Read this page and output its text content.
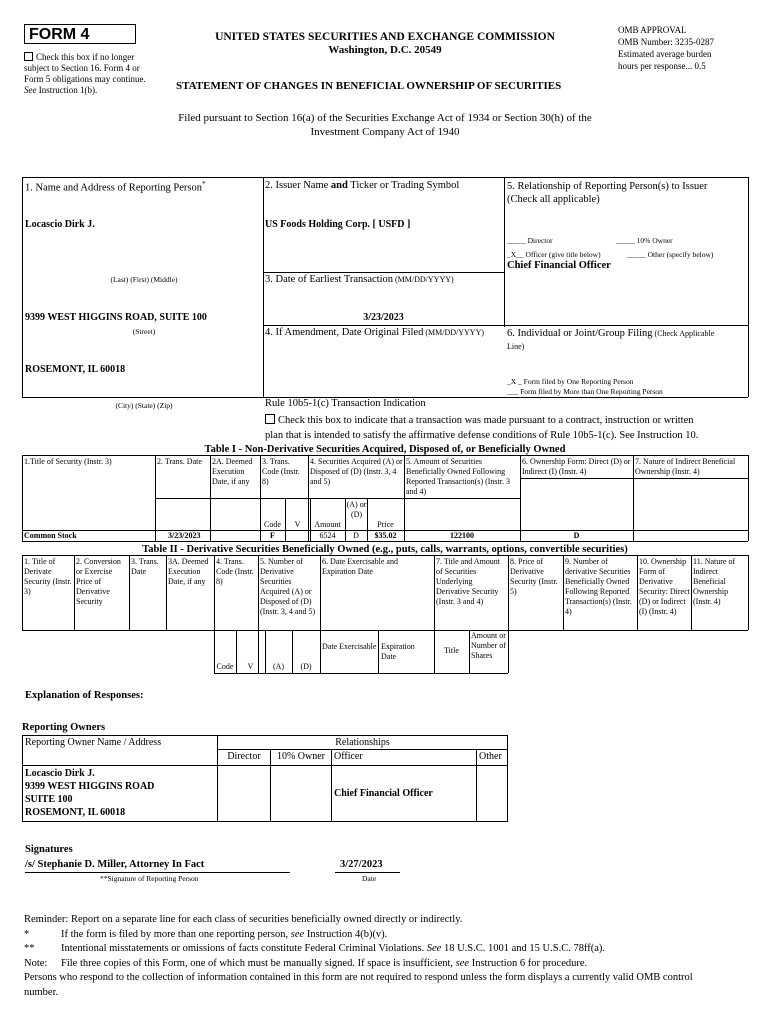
FORM 4
Check this box if no longer subject to Section 16. Form 4 or Form 5 obligations may continue. See Instruction 1(b).
UNITED STATES SECURITIES AND EXCHANGE COMMISSION
Washington, D.C. 20549
STATEMENT OF CHANGES IN BENEFICIAL OWNERSHIP OF SECURITIES
OMB APPROVAL
OMB Number: 3235-0287
Estimated average burden
hours per response... 0.5
Filed pursuant to Section 16(a) of the Securities Exchange Act of 1934 or Section 30(h) of the
Investment Company Act of 1940
1. Name and Address of Reporting Person*
Locascio Dirk J.
(Last) (First) (Middle)
9399 WEST HIGGINS ROAD, SUITE 100
(Street)
ROSEMONT, IL 60018
(City) (State) (Zip)
2. Issuer Name and Ticker or Trading Symbol
US Foods Holding Corp. [ USFD ]
3. Date of Earliest Transaction (MM/DD/YYYY)
3/23/2023
4. If Amendment, Date Original Filed (MM/DD/YYYY)
5. Relationship of Reporting Person(s) to Issuer
(Check all applicable)
_____ Director	_____ 10% Owner
_X__ Officer (give title below)	_____ Other (specify below)
Chief Financial Officer
6. Individual or Joint/Group Filing (Check Applicable
Line)
_X _ Form filed by One Reporting Person
___ Form filed by More than One Reporting Person
Rule 10b5-1(c) Transaction Indication
Check this box to indicate that a transaction was made pursuant to a contract, instruction or written
plan that is intended to satisfy the affirmative defense conditions of Rule 10b5-1(c). See Instruction 10.
Table I - Non-Derivative Securities Acquired, Disposed of, or Beneficially Owned
1.Title of Security (Instr. 3)	2. Trans. Date	2A. Deemed Execution Date, if any
3. Trans. Code (Instr. 8)
4. Securities Acquired (A) or Disposed of (D) (Instr. 3, 4 and 5)
5. Amount of Securities Beneficially Owned Following Reported Transaction(s) (Instr. 3 and 4)
6. Ownership Form: Direct (D) or Indirect (I) (Instr. 4)
7. Nature of Indirect Beneficial Ownership (Instr. 4)
Code	V	Amount
(A) or (D)
Price
Common Stock	3/23/2023	F	6524	D	$35.02	122100	D
Table II - Derivative Securities Beneficially Owned (e.g., puts, calls, warrants, options, convertible securities)
1. Title of Derivate Security (Instr. 3)
2. Conversion or Exercise Price of Derivative Security
3. Trans. Date
3A. Deemed Execution Date, if any
4. Trans. Code (Instr. 8)
5. Number of Derivative Securities Acquired (A) or Disposed of (D) (Instr. 3, 4 and 5)
6. Date Exercisable and Expiration Date
7. Title and Amount of Securities Underlying Derivative Security (Instr. 3 and 4)
8. Price of Derivative Security (Instr. 5)
9. Number of derivative Securities Beneficially Owned Following Reported Transaction(s) (Instr. 4)
10. Ownership Form of Derivative Security: Direct (D) or Indirect (I) (Instr. 4)
11. Nature of Indirect Beneficial Ownership (Instr. 4)
Code	V	(A)	(D)
Date Exercisable Expiration Date
Title
Amount or Number of Shares
Explanation of Responses:
Reporting Owners
Reporting Owner Name / Address	Relationships			
	Director	10% Owner	Officer	Other

Locascio Dirk J.
9399 WEST HIGGINS ROAD
SUITE 100
ROSEMONT, IL 60018			Chief Financial Officer	
Signatures
/s/ Stephanie D. Miller, Attorney In Fact	3/27/2023
**Signature of Reporting Person	Date
Reminder: Report on a separate line for each class of securities beneficially owned directly or indirectly.
*	If the form is filed by more than one reporting person, see Instruction 4(b)(v).
**	Intentional misstatements or omissions of facts constitute Federal Criminal Violations. See 18 U.S.C. 1001 and 15 U.S.C. 78ff(a).
Note: File three copies of this Form, one of which must be manually signed. If space is insufficient, see Instruction 6 for procedure.
Persons who respond to the collection of information contained in this form are not required to respond unless the form displays a currently valid OMB control
number.
